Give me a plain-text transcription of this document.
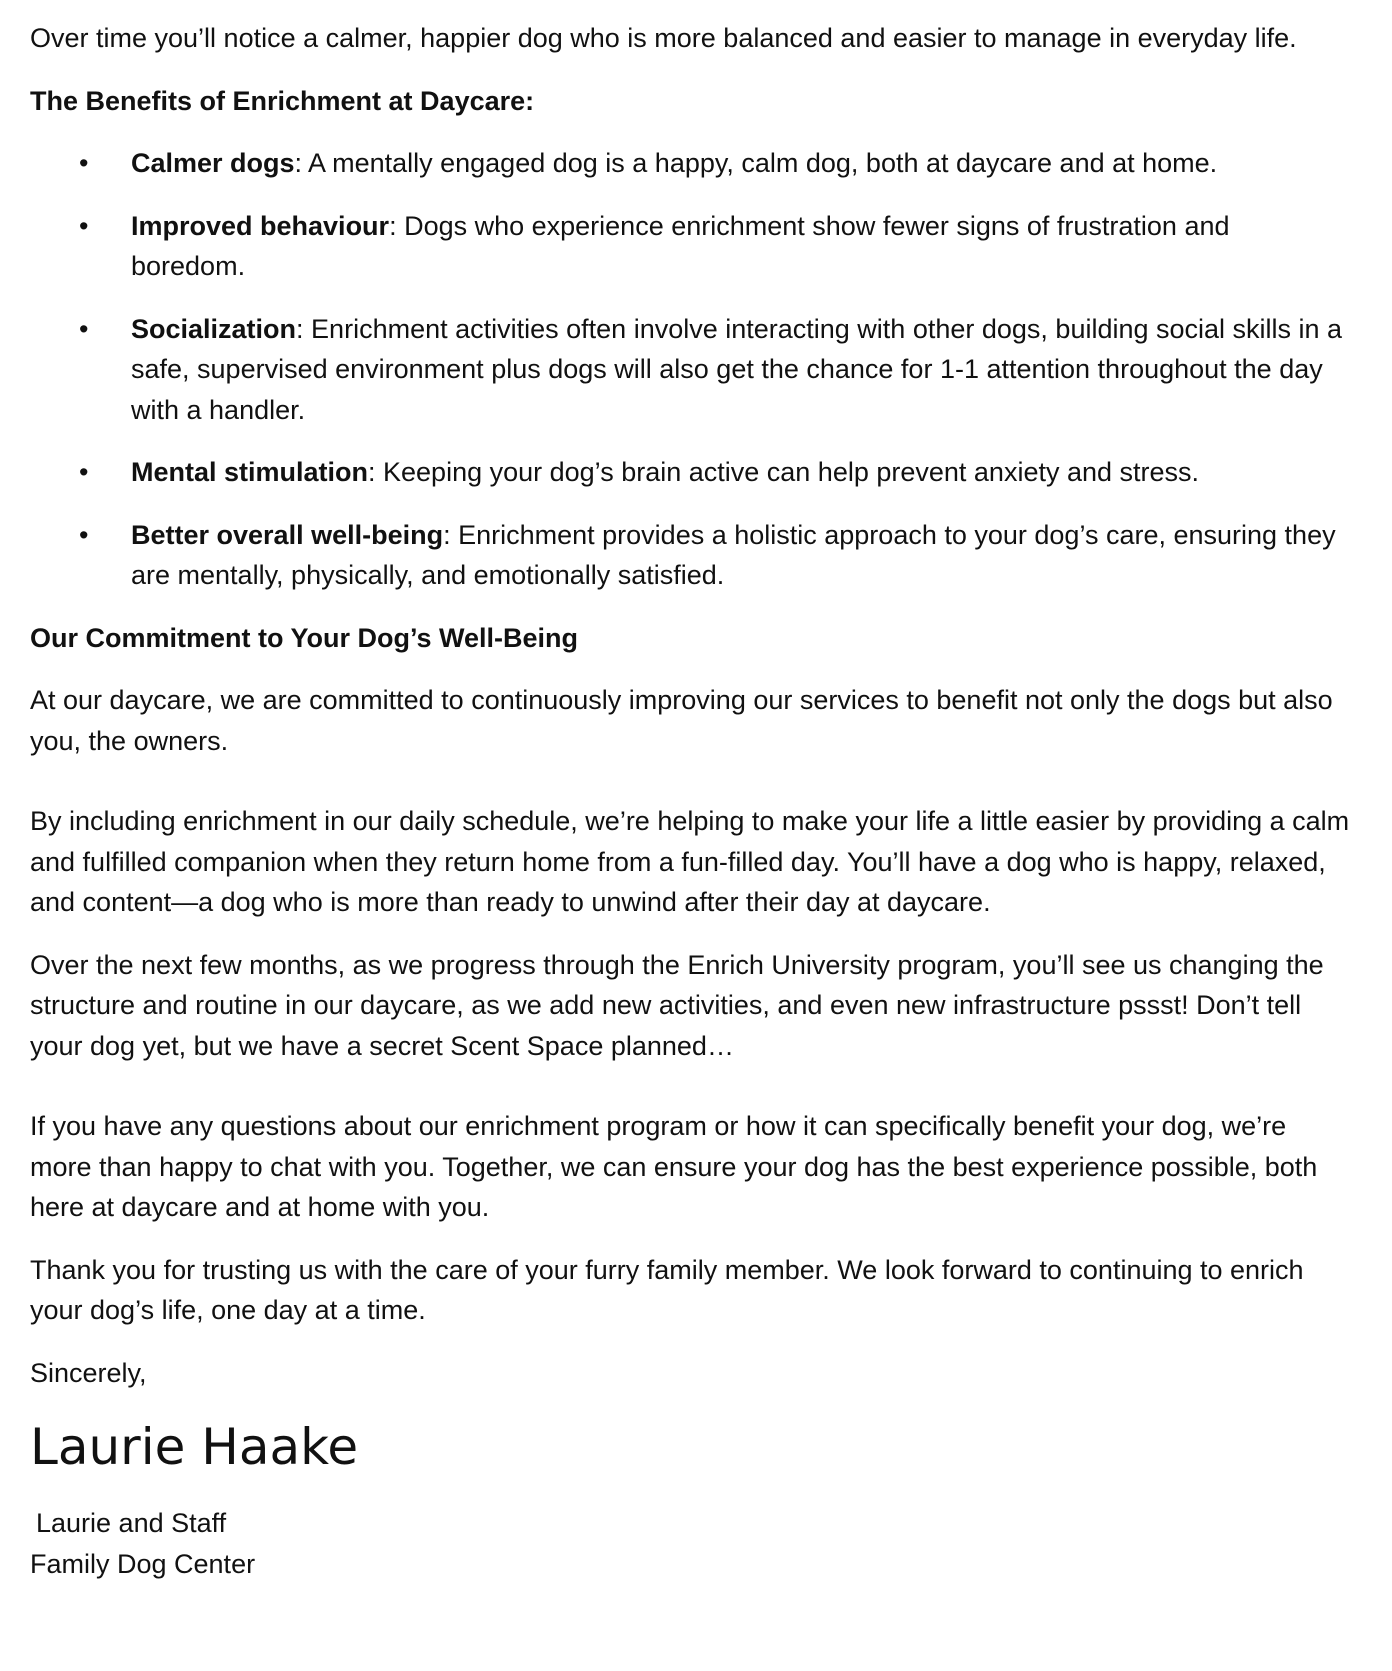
Over time you’ll notice a calmer, happier dog who is more balanced and easier to manage in everyday life.

The Benefits of Enrichment at Daycare:
• Calmer dogs: A mentally engaged dog is a happy, calm dog, both at daycare and at home.
• Improved behaviour: Dogs who experience enrichment show fewer signs of frustration and boredom.
• Socialization: Enrichment activities often involve interacting with other dogs, building social skills in a safe, supervised environment plus dogs will also get the chance for 1-1 attention throughout the day with a handler.
• Mental stimulation: Keeping your dog’s brain active can help prevent anxiety and stress.
• Better overall well-being: Enrichment provides a holistic approach to your dog’s care, ensuring they are mentally, physically, and emotionally satisfied.
Our Commitment to Your Dog’s Well-Being

At our daycare, we are committed to continuously improving our services to benefit not only the dogs but also you, the owners.

By including enrichment in our daily schedule, we’re helping to make your life a little easier by providing a calm and fulfilled companion when they return home from a fun-filled day. You’ll have a dog who is happy, relaxed, and content—a dog who is more than ready to unwind after their day at daycare.

Over the next few months, as we progress through the Enrich University program, you’ll see us changing the structure and routine in our daycare, as we add new activities, and even new infrastructure pssst! Don’t tell your dog yet, but we have a secret Scent Space planned…

If you have any questions about our enrichment program or how it can specifically benefit your dog, we’re more than happy to chat with you. Together, we can ensure your dog has the best experience possible, both here at daycare and at home with you.

Thank you for trusting us with the care of your furry family member. We look forward to continuing to enrich your dog’s life, one day at a time.

Sincerely,

Laurie Haake
Laurie and Staff
Family Dog Center
